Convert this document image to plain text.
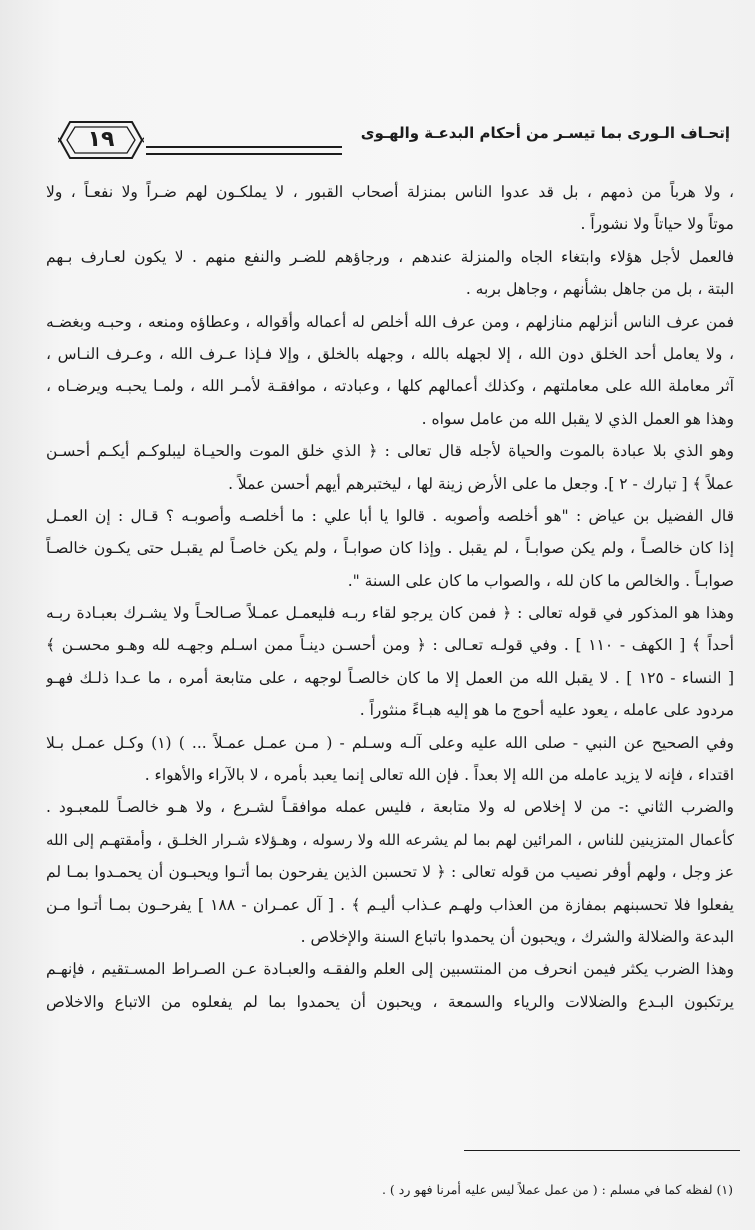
إتحـاف الـورى بما تيسـر من أحكام البدعـة والهـوى
١٩
، ولا هرباً من ذمهم ، بل قد عدوا الناس بمنزلة أصحاب القبور ، لا يملكـون لهم ضـراً ولا نفعـاً ، ولا
موتاً ولا حياتاً ولا نشوراً .
فالعمل لأجل هؤلاء وابتغاء الجاه والمنزلة عندهم ، ورجاؤهم للضـر والنفع منهم . لا يكون لعـارف بـهم
البتة ، بل من جاهل بشأنهم ، وجاهل بربه .
فمن عرف الناس أنزلهم منازلهم ، ومن عرف الله أخلص له أعماله وأقواله ، وعطاؤه ومنعه ، وحبـه وبغضـه
، ولا يعامل أحد الخلق دون الله ، إلا لجهله بالله ، وجهله بالخلق ، وإلا فـإذا عـرف الله ، وعـرف النـاس ،
آثر معاملة الله على معاملتهم ، وكذلك أعمالهم كلها ، وعبادته ، موافقـة لأمـر الله ، ولمـا يحبـه ويرضـاه ،
وهذا هو العمل الذي لا يقبل الله من عامل سواه .
وهو الذي بلا عبادة بالموت والحياة لأجله قال تعالى : ﴿ الذي خلق الموت والحيـاة ليبلوكـم أيكـم أحسـن
عملاً ﴾ [ تبارك - ٢ ]. وجعل ما على الأرض زينة لها ، ليختبرهم أيهم أحسن عملاً .
قال الفضيل بن عياض : "هو أخلصه وأصوبه . قالوا يا أبا علي : ما أخلصـه وأصوبـه ؟ قـال : إن العمـل
إذا كان خالصـاً ، ولم يكن صوابـاً ، لم يقبل . وإذا كان صوابـاً ، ولم يكن خاصـاً لم يقبـل حتى يكـون خالصـاً
صوابـاً . والخالص ما كان لله ، والصواب ما كان على السنة ".
وهذا هو المذكور في قوله تعالى : ﴿ فمن كان يرجو لقاء ربـه فليعمـل عمـلاً صـالحـاً ولا يشـرك بعبـادة ربـه
أحداً ﴾ [ الكهف - ١١٠ ] . وفي قولـه تعـالى : ﴿ ومن أحسـن دينـاً ممن اسـلم وجهـه لله وهـو محسـن ﴾
[ النساء - ١٢٥ ] . لا يقبل الله من العمل إلا ما كان خالصـاً لوجهه ، على متابعة أمره ، ما عـدا ذلـك فهـو
مردود على عامله ، يعود عليه أحوج ما هو إليه هبـاءً منثوراً .
وفي الصحيح عن النبي - صلى الله عليه وعلى آلـه وسـلم - ( مـن عمـل عمـلاً ... ) (١) وكـل عمـل بـلا
اقتداء ، فإنه لا يزيد عامله من الله إلا بعداً . فإن الله تعالى إنما يعبد بأمره ، لا بالآراء والأهواء .
والضرب الثاني :- من لا إخلاص له ولا متابعة ، فليس عمله موافقـاً لشـرع ، ولا هـو خالصـاً للمعبـود .
كأعمال المتزينين للناس ، المرائين لهم بما لم يشرعه الله ولا رسوله ، وهـؤلاء شـرار الخلـق ، وأمقتهـم إلى الله
عز وجل ، ولهم أوفر نصيب من قوله تعالى : ﴿ لا تحسبن الذين يفرحون بما أتـوا ويحبـون أن يحمـدوا بمـا لم
يفعلوا فلا تحسبنهم بمفازة من العذاب ولهـم عـذاب أليـم ﴾ . [ آل عمـران - ١٨٨ ] يفرحـون بمـا أتـوا مـن
البدعة والضلالة والشرك ، ويحبون أن يحمدوا باتباع السنة والإخلاص .
وهذا الضرب يكثر فيمن انحرف من المنتسبين إلى العلم والفقـه والعبـادة عـن الصـراط المسـتقيم ، فإنهـم
يرتكبون البـدع والضلالات والرياء والسمعة ، ويحبون أن يحمدوا بما لم يفعلوه من الاتباع والاخلاص
(١) لفظه كما في مسلم : ( من عمل عملاً ليس عليه أمرنا فهو رد ) .
